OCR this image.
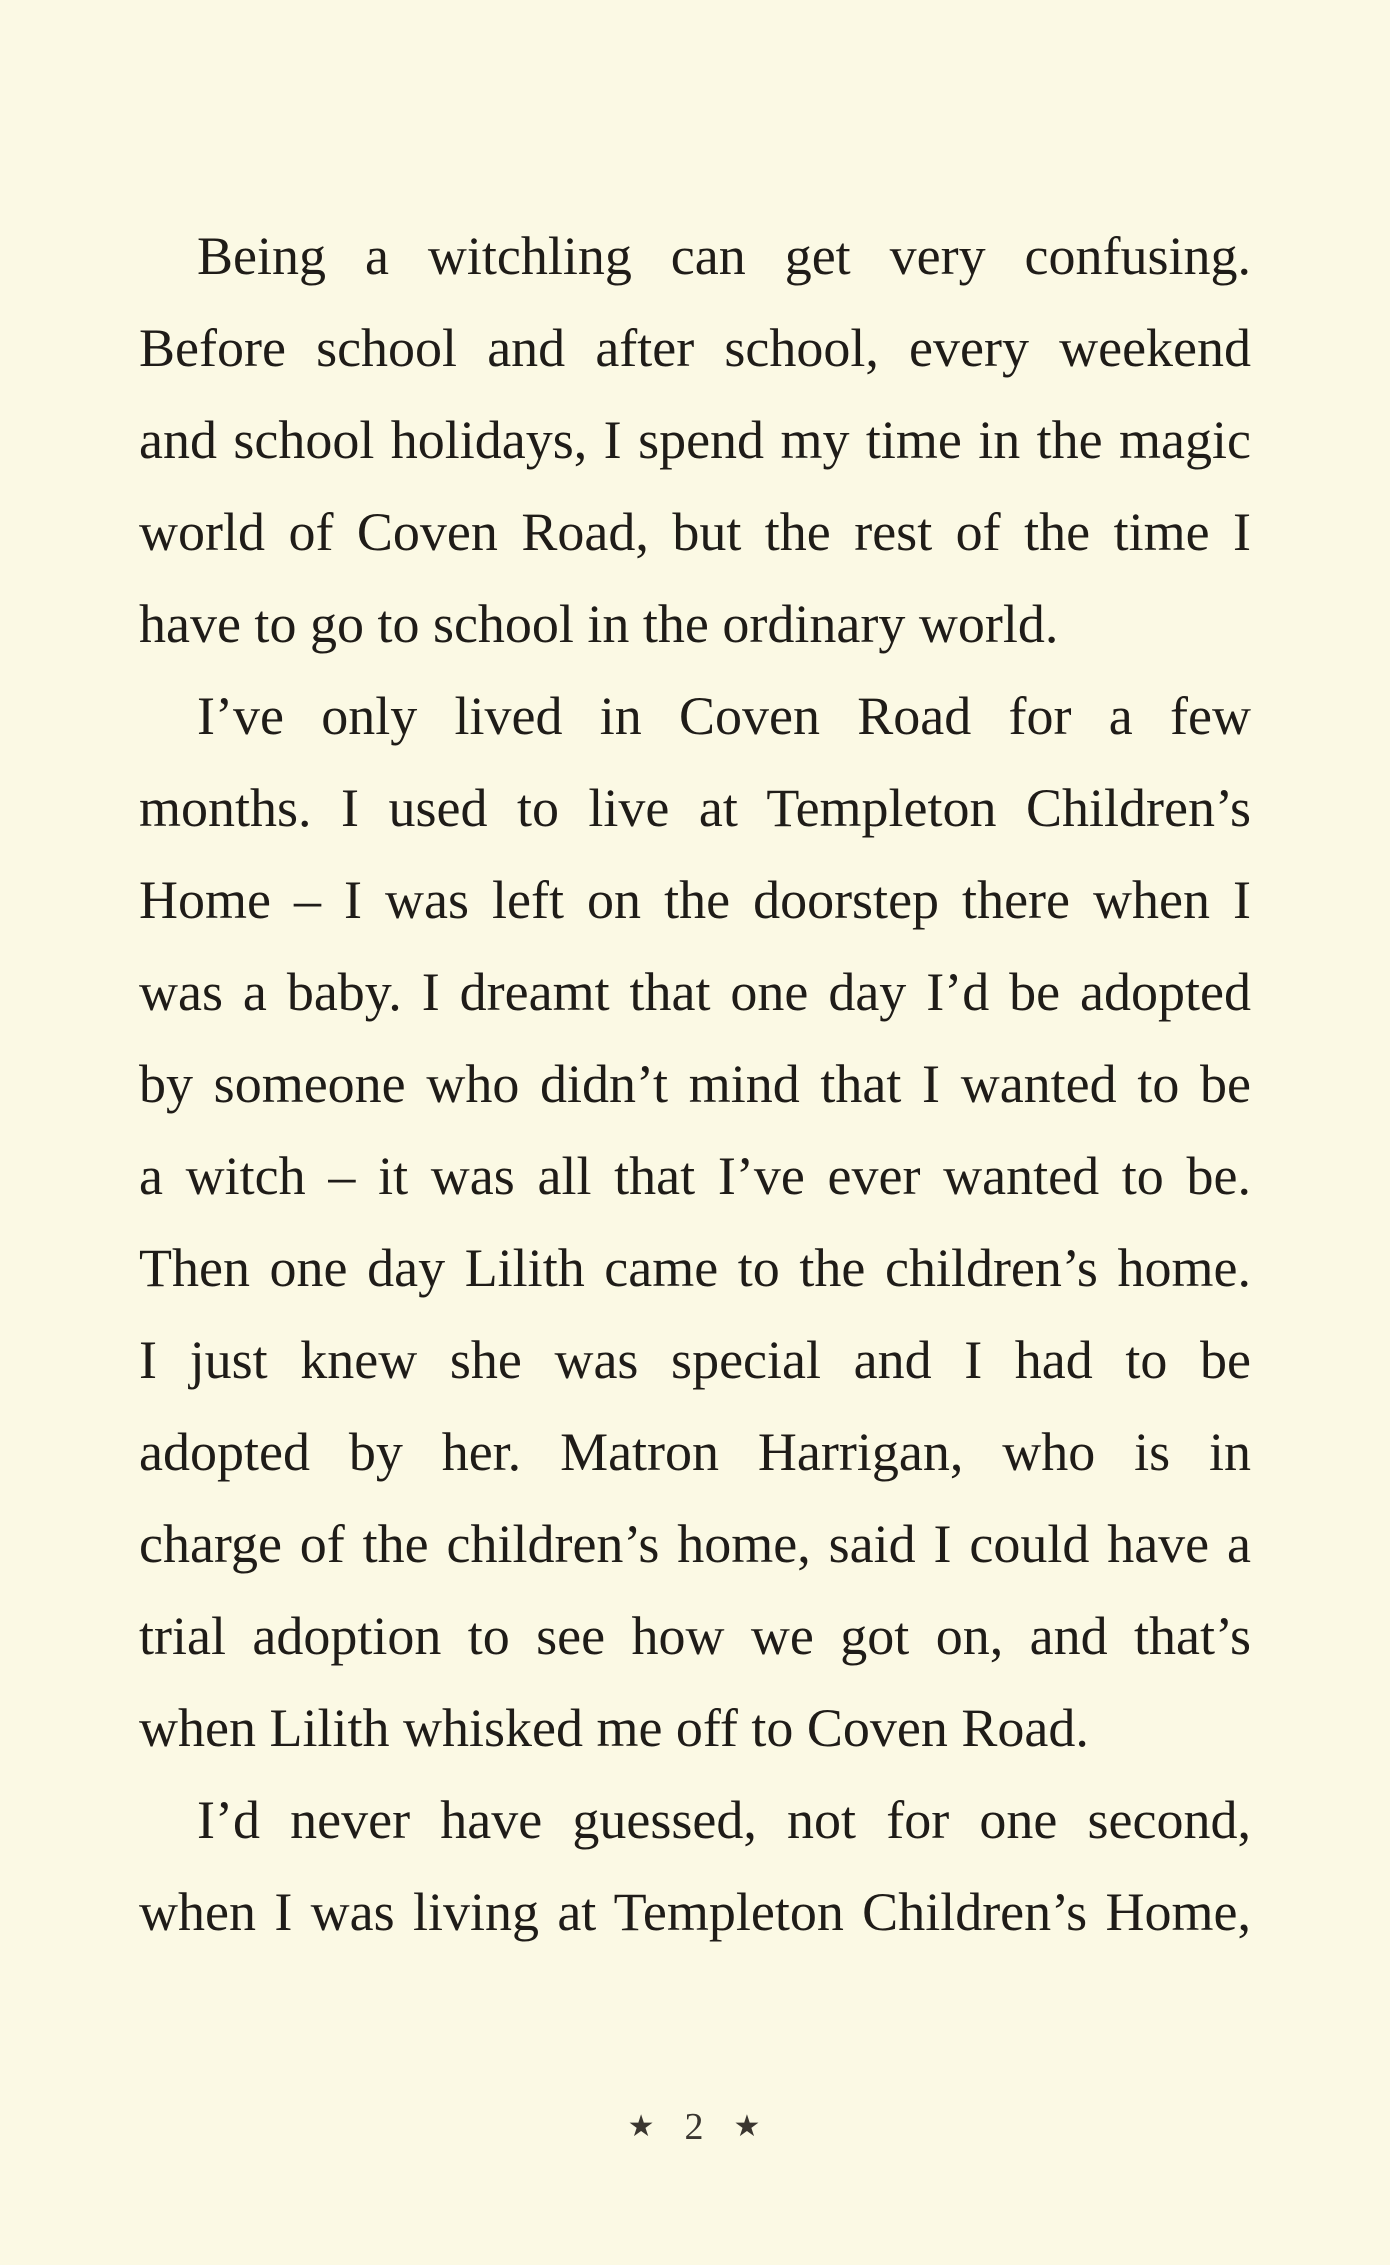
Being a witchling can get very confusing.
Before school and after school, every weekend
and school holidays, I spend my time in the magic
world of Coven Road, but the rest of the time I
have to go to school in the ordinary world.
I’ve only lived in Coven Road for a few
months. I used to live at Templeton Children’s
Home – I was left on the doorstep there when I
was a baby. I dreamt that one day I’d be adopted
by someone who didn’t mind that I wanted to be
a witch – it was all that I’ve ever wanted to be.
Then one day Lilith came to the children’s home.
I just knew she was special and I had to be
adopted by her. Matron Harrigan, who is in
charge of the children’s home, said I could have a
trial adoption to see how we got on, and that’s
when Lilith whisked me off to Coven Road.
I’d never have guessed, not for one second,
when I was living at Templeton Children’s Home,
★ 2 ★
